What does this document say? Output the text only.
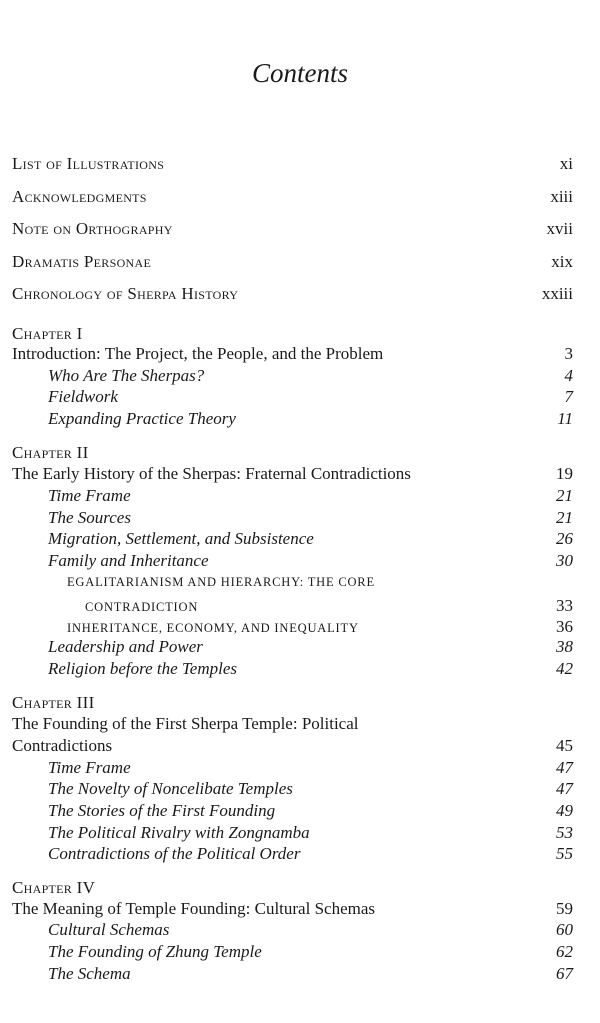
Contents
List of Illustrations	xi
Acknowledgments	xiii
Note on Orthography	xvii
Dramatis Personae	xix
Chronology of Sherpa History	xxiii
Chapter I
Introduction: The Project, the People, and the Problem	3
Who Are The Sherpas?	4
Fieldwork	7
Expanding Practice Theory	11
Chapter II
The Early History of the Sherpas: Fraternal Contradictions	19
Time Frame	21
The Sources	21
Migration, Settlement, and Subsistence	26
Family and Inheritance	30
EGALITARIANISM AND HIERARCHY: THE CORE
CONTRADICTION	33
INHERITANCE, ECONOMY, AND INEQUALITY	36
Leadership and Power	38
Religion before the Temples	42
Chapter III
The Founding of the First Sherpa Temple: Political
Contradictions	45
Time Frame	47
The Novelty of Noncelibate Temples	47
The Stories of the First Founding	49
The Political Rivalry with Zongnamba	53
Contradictions of the Political Order	55
Chapter IV
The Meaning of Temple Founding: Cultural Schemas	59
Cultural Schemas	60
The Founding of Zhung Temple	62
The Schema	67
